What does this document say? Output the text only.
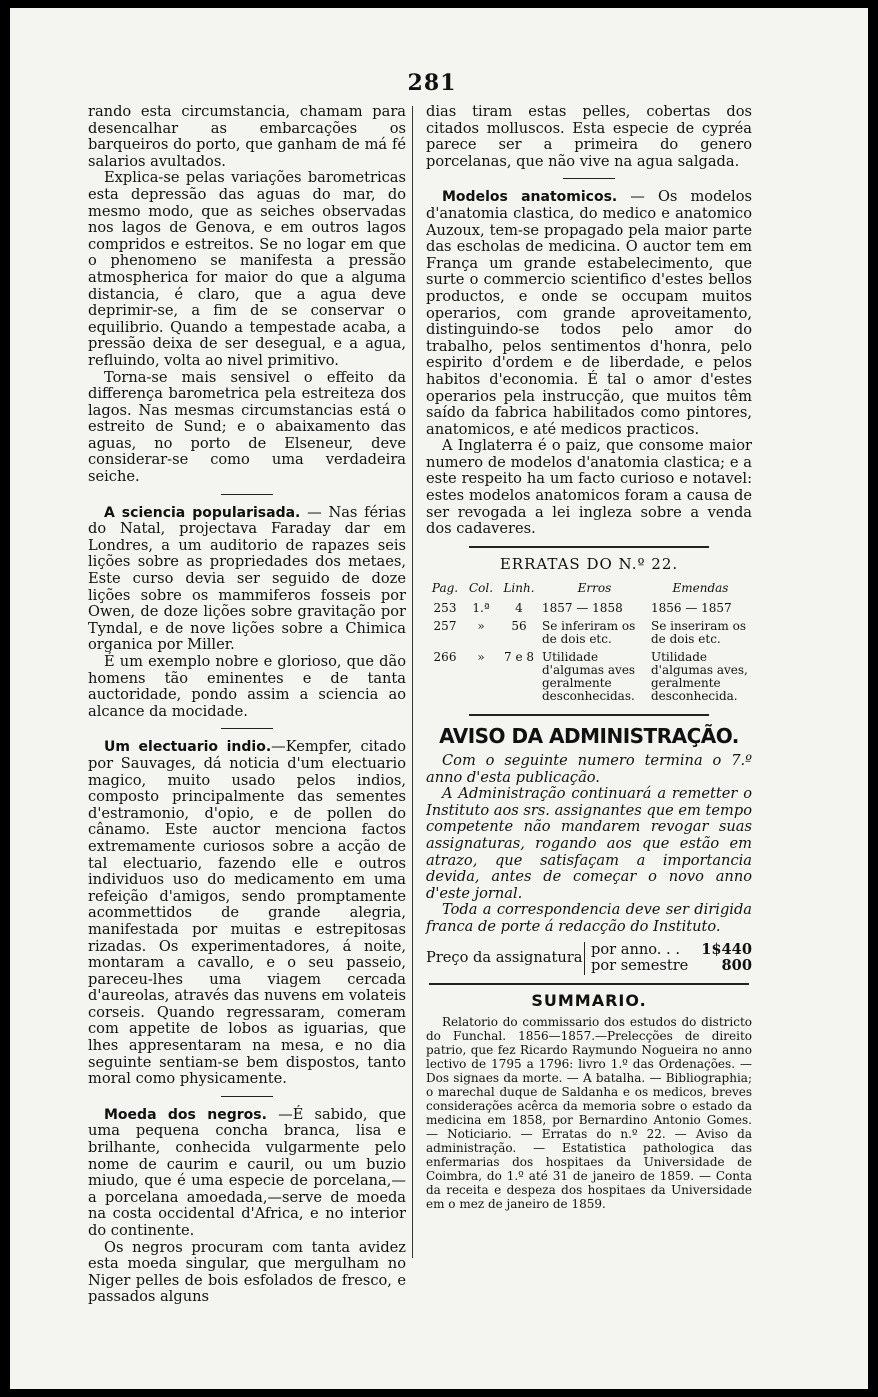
281

rando esta circumstancia, chamam para desencalhar as embarcações os barqueiros do porto, que ganham de má fé salarios avultados.

Explica-se pelas variações barometricas esta depressão das aguas do mar, do mesmo modo, que as seiches observadas nos lagos de Genova, e em outros lagos compridos e estreitos. Se no logar em que o phenomeno se manifesta a pressão atmospherica for maior do que a alguma distancia, é claro, que a agua deve deprimir-se, a fim de se conservar o equilibrio. Quando a tempestade acaba, a pressão deixa de ser desegual, e a agua, refluindo, volta ao nivel primitivo.

Torna-se mais sensivel o effeito da differença barometrica pela estreiteza dos lagos. Nas mesmas circumstancias está o estreito de Sund; e o abaixamento das aguas, no porto de Elseneur, deve considerar-se como uma verdadeira seiche.

A sciencia popularisada. — Nas férias do Natal, projectava Faraday dar em Londres, a um auditorio de rapazes seis lições sobre as propriedades dos metaes, Este curso devia ser seguido de doze lições sobre os mammiferos fosseis por Owen, de doze lições sobre gravitação por Tyndal, e de nove lições sobre a Chimica organica por Miller.

É um exemplo nobre e glorioso, que dão homens tão eminentes e de tanta auctoridade, pondo assim a sciencia ao alcance da mocidade.

Um electuario indio.—Kempfer, citado por Sauvages, dá noticia d'um electuario magico, muito usado pelos indios, composto principalmente das sementes d'estramonio, d'opio, e de pollen do cânamo. Este auctor menciona factos extremamente curiosos sobre a acção de tal electuario, fazendo elle e outros individuos uso do medicamento em uma refeição d'amigos, sendo promptamente acommettidos de grande alegria, manifestada por muitas e estrepitosas rizadas. Os experimentadores, á noite, montaram a cavallo, e o seu passeio, pareceu-lhes uma viagem cercada d'aureolas, através das nuvens em volateis corseis. Quando regressaram, comeram com appetite de lobos as iguarias, que lhes appresentaram na mesa, e no dia seguinte sentiam-se bem dispostos, tanto moral como physicamente.

Moeda dos negros. —É sabido, que uma pequena concha branca, lisa e brilhante, conhecida vulgarmente pelo nome de caurim e cauril, ou um buzio miudo, que é uma especie de porcelana,—a porcelana amoedada,—serve de moeda na costa occidental d'Africa, e no interior do continente.

Os negros procuram com tanta avidez esta moeda singular, que mergulham no Niger pelles de bois esfolados de fresco, e passados alguns

dias tiram estas pelles, cobertas dos citados molluscos. Esta especie de cypréa parece ser a primeira do genero porcelanas, que não vive na agua salgada.

Modelos anatomicos. — Os modelos d'anatomia clastica, do medico e anatomico Auzoux, tem-se propagado pela maior parte das escholas de medicina. O auctor tem em França um grande estabelecimento, que surte o commercio scientifico d'estes bellos productos, e onde se occupam muitos operarios, com grande aproveitamento, distinguindo-se todos pelo amor do trabalho, pelos sentimentos d'honra, pelo espirito d'ordem e de liberdade, e pelos habitos d'economia. É tal o amor d'estes operarios pela instrucção, que muitos têm saído da fabrica habilitados como pintores, anatomicos, e até medicos practicos.

A Inglaterra é o paiz, que consome maior numero de modelos d'anatomia clastica; e a este respeito ha um facto curioso e notavel: estes modelos anatomicos foram a causa de ser revogada a lei ingleza sobre a venda dos cadaveres.

ERRATAS DO N.º 22.
Pag.	Col.	Linh.	Erros	Emendas
253	1.ª	4	1857 — 1858	1856 — 1857
257	»	56	Se inferiram os de dois etc.	Se inseriram os de dois etc.
266	»	7 e 8	Utilidade d'algumas aves geralmente desconhecidas.	Utilidade d'algumas aves, geralmente desconhecida.
AVISO DA ADMINISTRAÇÃO.

Com o seguinte numero termina o 7.º anno d'esta publicação.

A Administração continuará a remetter o Instituto aos srs. assignantes que em tempo competente não mandarem revogar suas assignaturas, rogando aos que estão em atrazo, que satisfaçam a importancia devida, antes de começar o novo anno d'este jornal.

Toda a correspondencia deve ser dirigida franca de porte á redacção do Instituto.

Preço da assignatura por anno. . . 1$440
por semestre 800
SUMMARIO.

Relatorio do commissario dos estudos do districto do Funchal. 1856—1857.—Prelecções de direito patrio, que fez Ricardo Raymundo Nogueira no anno lectivo de 1795 a 1796: livro 1.º das Ordenações. — Dos signaes da morte. — A batalha. — Bibliographia; o marechal duque de Saldanha e os medicos, breves considerações acêrca da memoria sobre o estado da medicina em 1858, por Bernardino Antonio Gomes. — Noticiario. — Erratas do n.º 22. — Aviso da administração. — Estatistica pathologica das enfermarias dos hospitaes da Universidade de Coimbra, do 1.º até 31 de janeiro de 1859. — Conta da receita e despeza dos hospitaes da Universidade em o mez de janeiro de 1859.
